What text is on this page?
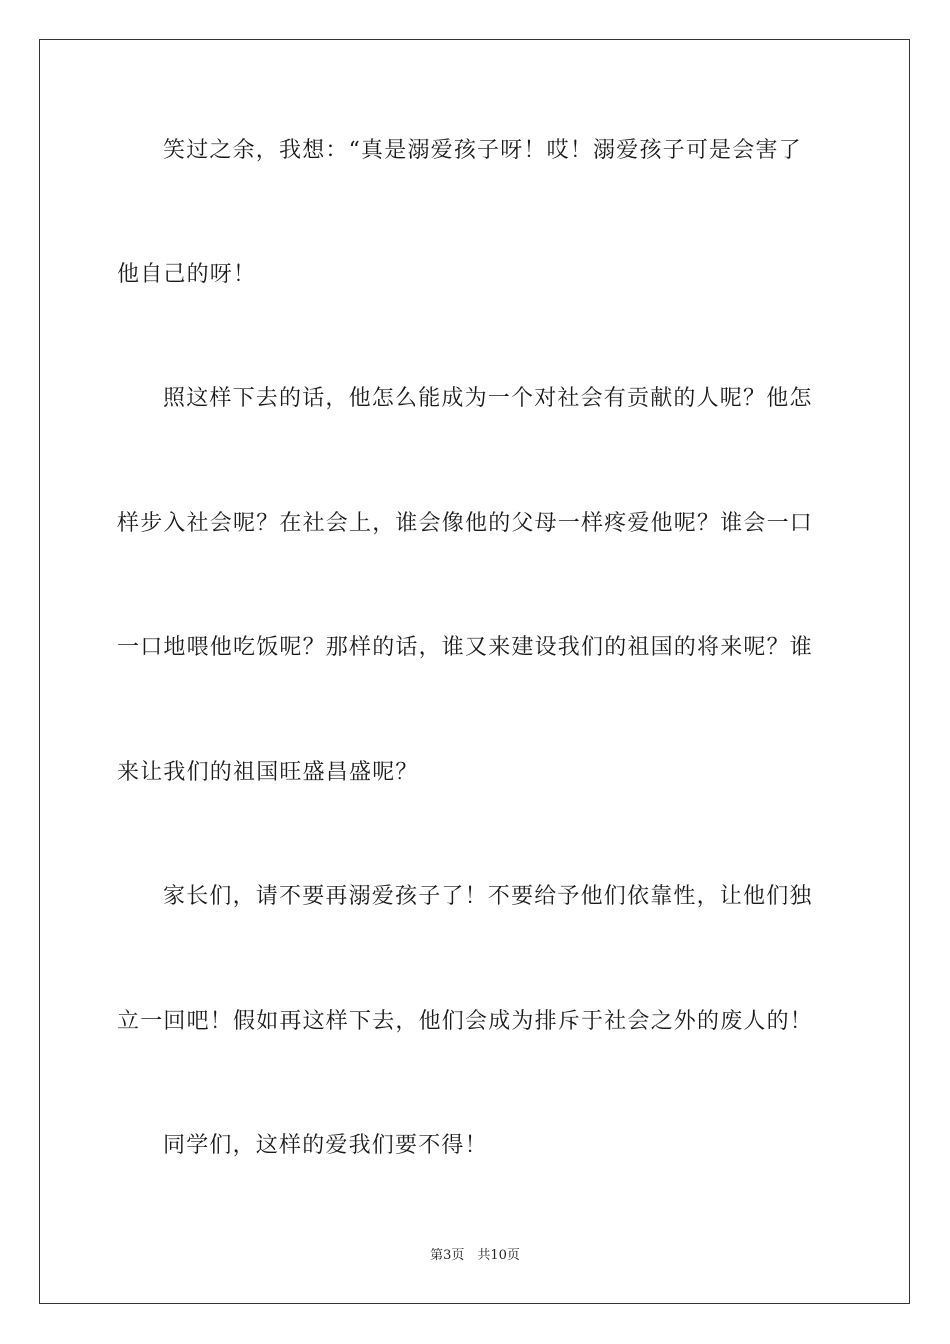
笑过之余，我想：“真是溺爱孩子呀！哎！溺爱孩子可是会害了
他自己的呀！
照这样下去的话，他怎么能成为一个对社会有贡献的人呢？他怎
样步入社会呢？在社会上，谁会像他的父母一样疼爱他呢？谁会一口
一口地喂他吃饭呢？那样的话，谁又来建设我们的祖国的将来呢？谁
来让我们的祖国旺盛昌盛呢？
家长们，请不要再溺爱孩子了！不要给予他们依靠性，让他们独
立一回吧！假如再这样下去，他们会成为排斥于社会之外的废人的！
同学们，这样的爱我们要不得！
第3页　共10页
